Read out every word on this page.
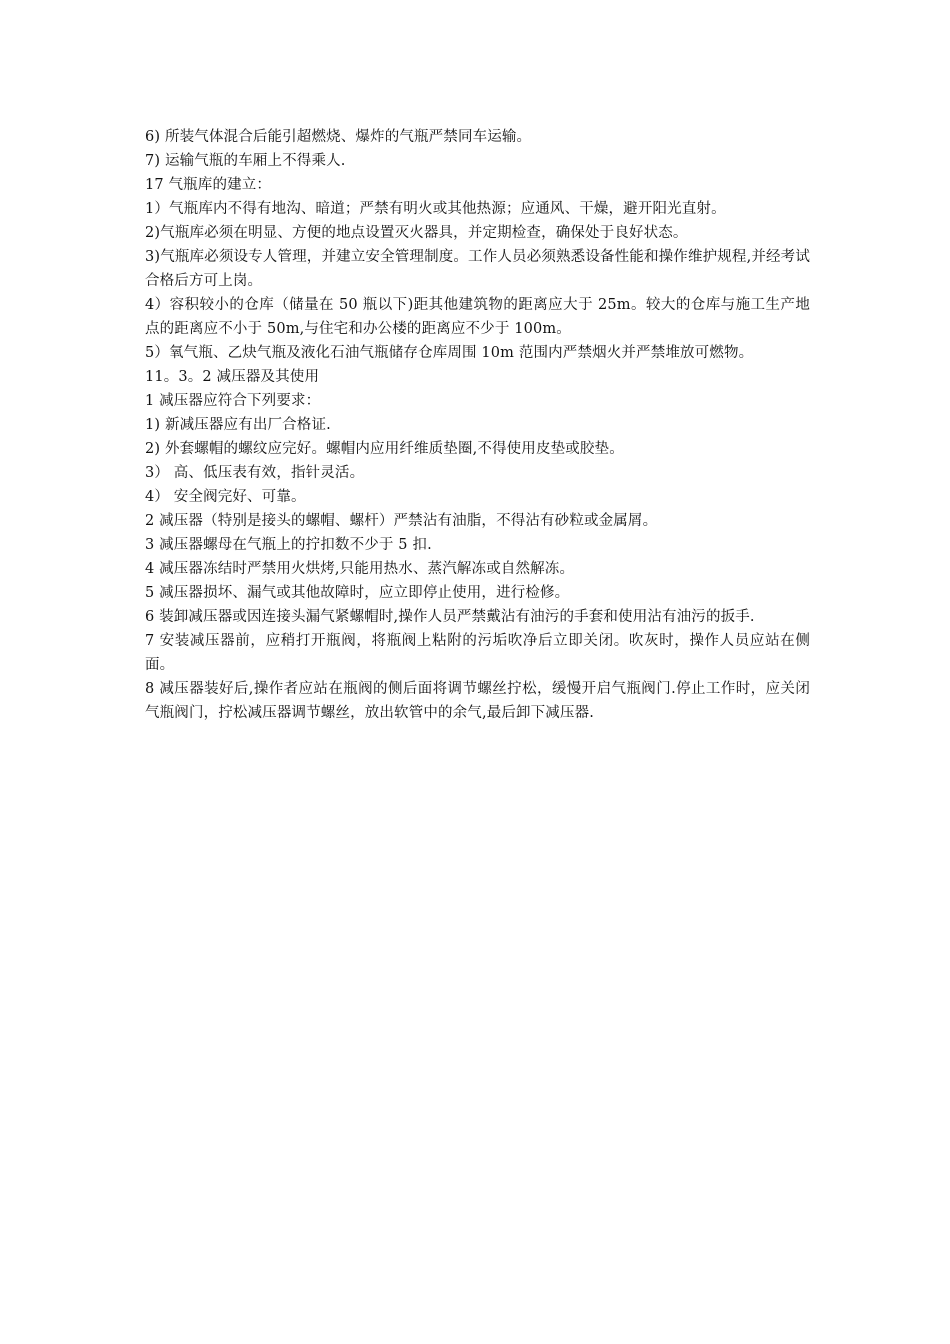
6) 所装气体混合后能引超燃烧、爆炸的气瓶严禁同车运输。

7) 运输气瓶的车厢上不得乘人.

17 气瓶库的建立：

1）气瓶库内不得有地沟、暗道；严禁有明火或其他热源；应通风、干燥，避开阳光直射。

2)气瓶库必须在明显、方便的地点设置灭火器具，并定期检查，确保处于良好状态。

3)气瓶库必须设专人管理，并建立安全管理制度。工作人员必须熟悉设备性能和操作维护规程,并经考试合格后方可上岗。

4）容积较小的仓库（储量在 50 瓶以下)距其他建筑物的距离应大于 25m。较大的仓库与施工生产地点的距离应不小于 50m,与住宅和办公楼的距离应不少于 100m。

5）氧气瓶、乙炔气瓶及液化石油气瓶储存仓库周围 10m 范围内严禁烟火并严禁堆放可燃物。

11。3。2 减压器及其使用

1 减压器应符合下列要求：

1) 新减压器应有出厂合格证.

2) 外套螺帽的螺纹应完好。螺帽内应用纤维质垫圈,不得使用皮垫或胶垫。

3） 高、低压表有效，指针灵活。

4） 安全阀完好、可靠。

2 减压器（特别是接头的螺帽、螺杆）严禁沾有油脂，不得沾有砂粒或金属屑。

3 减压器螺母在气瓶上的拧扣数不少于 5 扣.

4 减压器冻结时严禁用火烘烤,只能用热水、蒸汽解冻或自然解冻。

5 减压器损坏、漏气或其他故障时，应立即停止使用，进行检修。

6 装卸减压器或因连接头漏气紧螺帽时,操作人员严禁戴沾有油污的手套和使用沾有油污的扳手.

7 安装减压器前，应稍打开瓶阀，将瓶阀上粘附的污垢吹净后立即关闭。吹灰时，操作人员应站在侧面。

8 减压器装好后,操作者应站在瓶阀的侧后面将调节螺丝拧松，缓慢开启气瓶阀门.停止工作时，应关闭气瓶阀门，拧松减压器调节螺丝，放出软管中的余气,最后卸下减压器.
